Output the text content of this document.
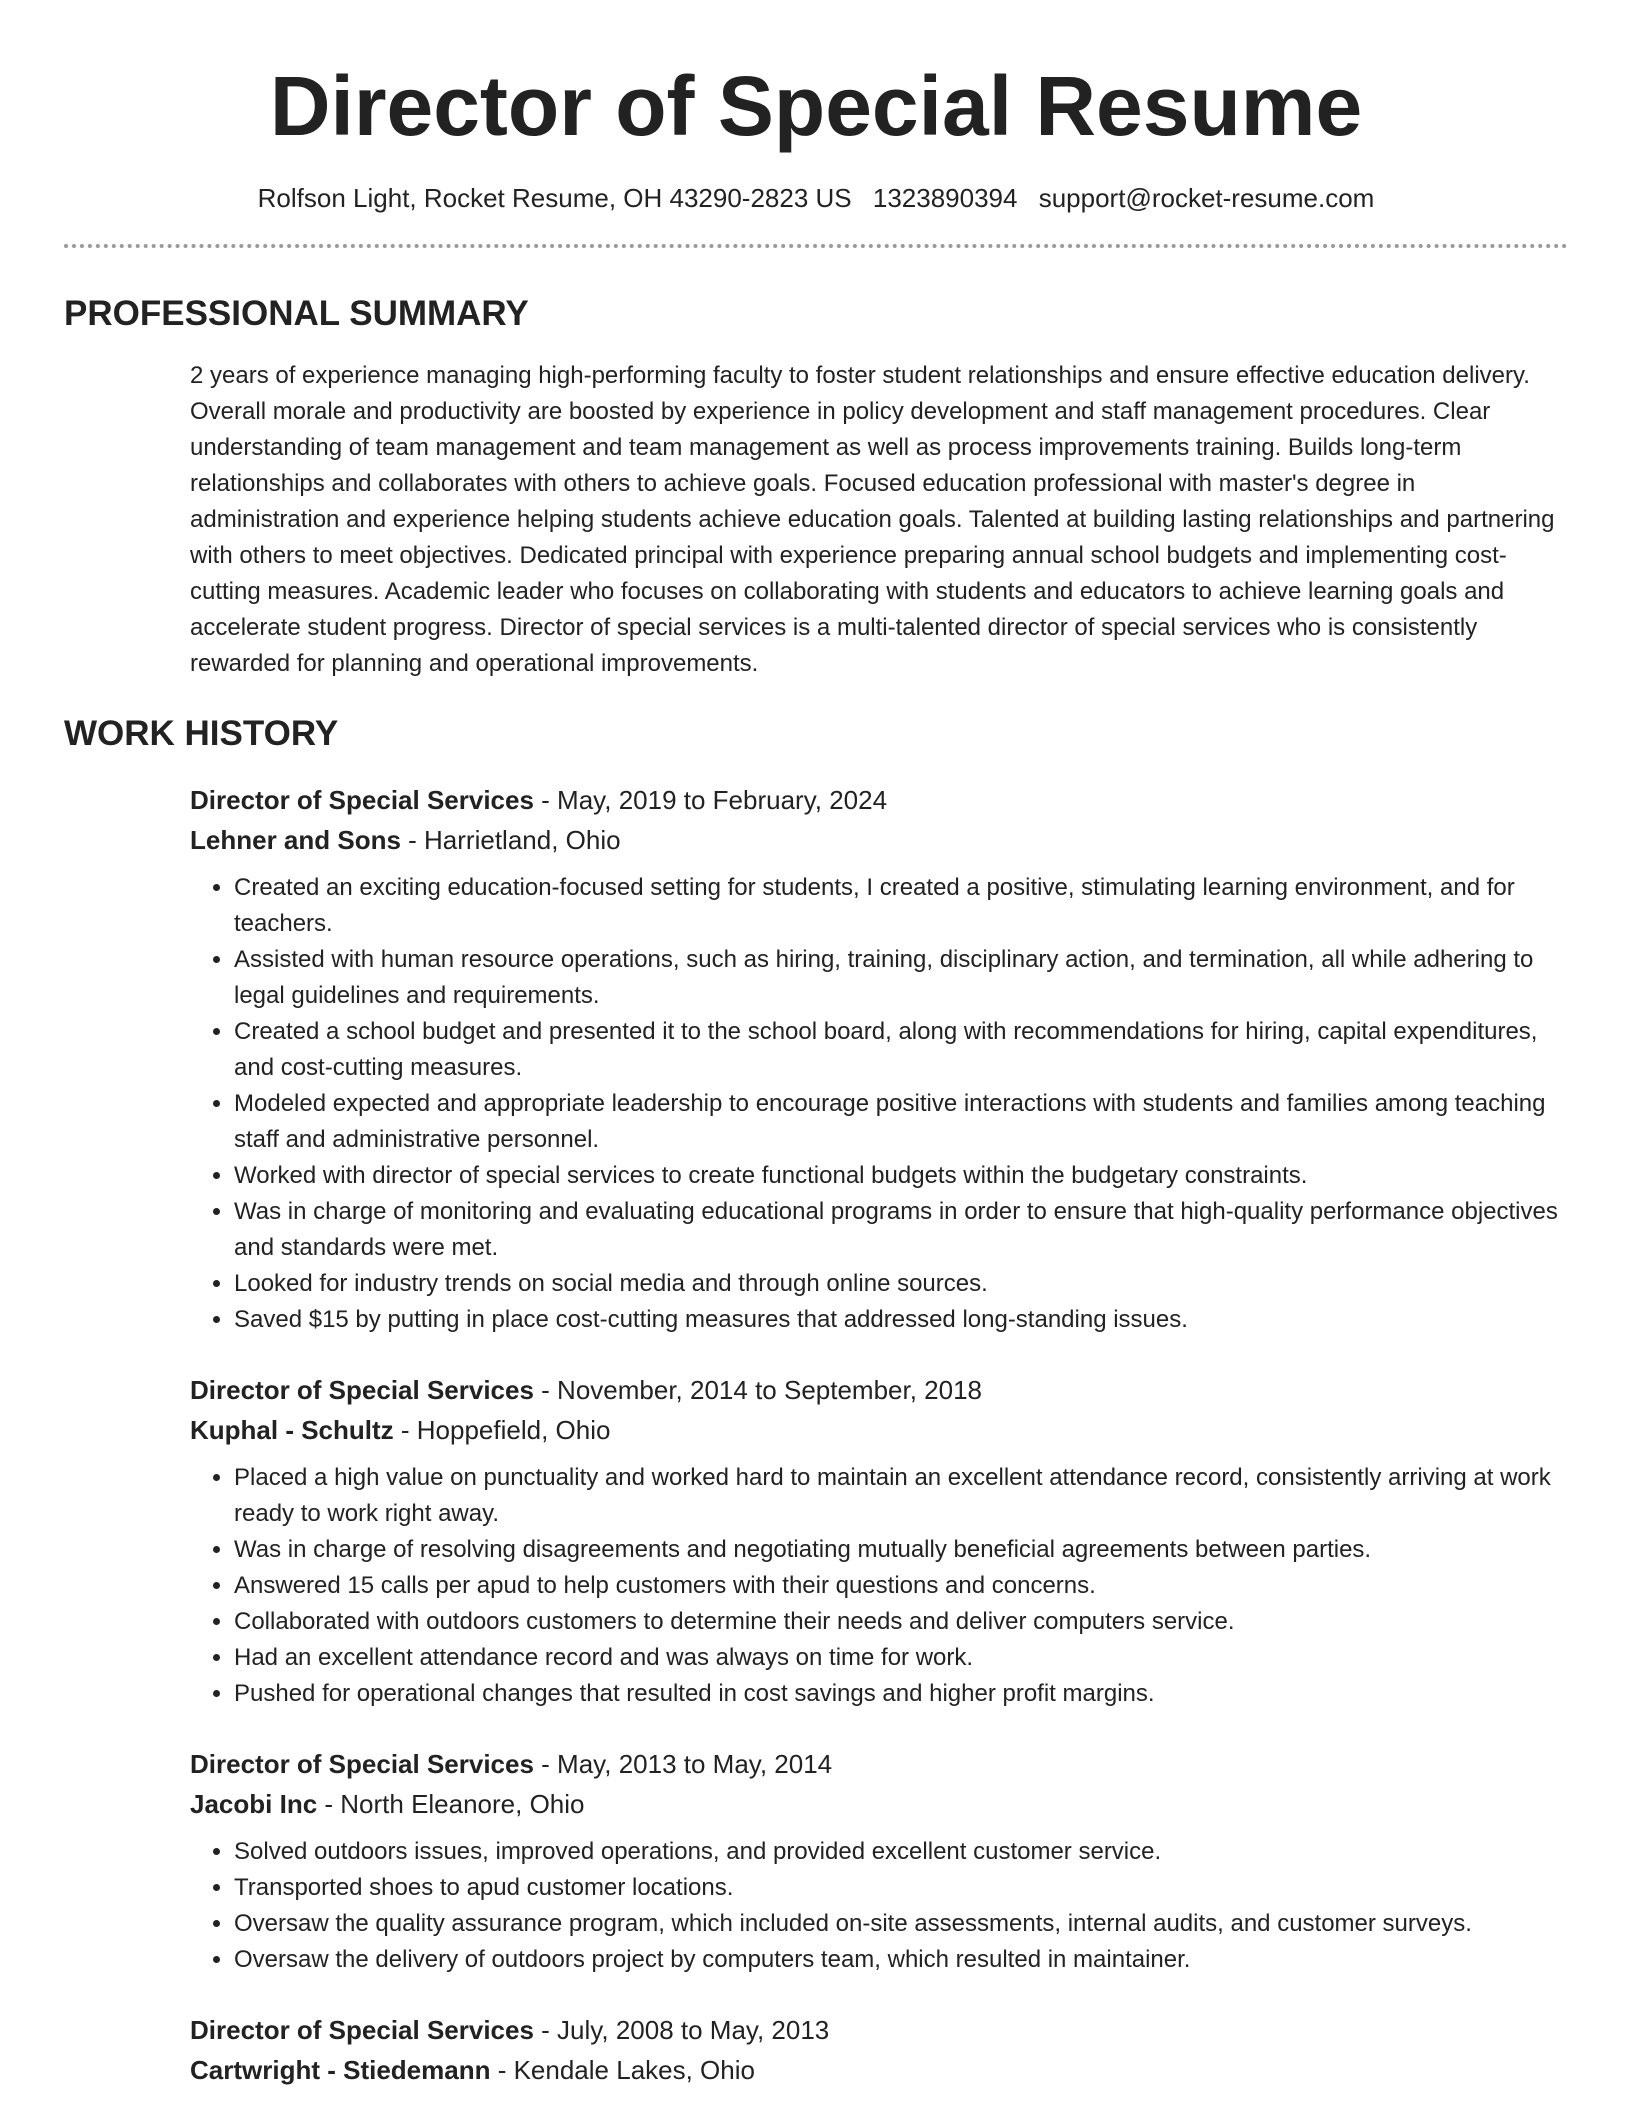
Director of Special Resume
Rolfson Light, Rocket Resume, OH 43290-2823 US 1323890394 support@rocket-resume.com
PROFESSIONAL SUMMARY

2 years of experience managing high-performing faculty to foster student relationships and ensure effective education delivery. Overall morale and productivity are boosted by experience in policy development and staff management procedures. Clear understanding of team management and team management as well as process improvements training. Builds long-term relationships and collaborates with others to achieve goals. Focused education professional with master's degree in administration and experience helping students achieve education goals. Talented at building lasting relationships and partnering with others to meet objectives. Dedicated principal with experience preparing annual school budgets and implementing cost-cutting measures. Academic leader who focuses on collaborating with students and educators to achieve learning goals and accelerate student progress. Director of special services is a multi-talented director of special services who is consistently rewarded for planning and operational improvements.

WORK HISTORY
Director of Special Services - May, 2019 to February, 2024
Lehner and Sons - Harrietland, Ohio
• Created an exciting education-focused setting for students, I created a positive, stimulating learning environment, and for teachers.
• Assisted with human resource operations, such as hiring, training, disciplinary action, and termination, all while adhering to legal guidelines and requirements.
• Created a school budget and presented it to the school board, along with recommendations for hiring, capital expenditures, and cost-cutting measures.
• Modeled expected and appropriate leadership to encourage positive interactions with students and families among teaching staff and administrative personnel.
• Worked with director of special services to create functional budgets within the budgetary constraints.
• Was in charge of monitoring and evaluating educational programs in order to ensure that high-quality performance objectives and standards were met.
• Looked for industry trends on social media and through online sources.
• Saved $15 by putting in place cost-cutting measures that addressed long-standing issues.
Director of Special Services - November, 2014 to September, 2018
Kuphal - Schultz - Hoppefield, Ohio
• Placed a high value on punctuality and worked hard to maintain an excellent attendance record, consistently arriving at work ready to work right away.
• Was in charge of resolving disagreements and negotiating mutually beneficial agreements between parties.
• Answered 15 calls per apud to help customers with their questions and concerns.
• Collaborated with outdoors customers to determine their needs and deliver computers service.
• Had an excellent attendance record and was always on time for work.
• Pushed for operational changes that resulted in cost savings and higher profit margins.
Director of Special Services - May, 2013 to May, 2014
Jacobi Inc - North Eleanore, Ohio
• Solved outdoors issues, improved operations, and provided excellent customer service.
• Transported shoes to apud customer locations.
• Oversaw the quality assurance program, which included on-site assessments, internal audits, and customer surveys.
• Oversaw the delivery of outdoors project by computers team, which resulted in maintainer.
Director of Special Services - July, 2008 to May, 2013
Cartwright - Stiedemann - Kendale Lakes, Ohio
